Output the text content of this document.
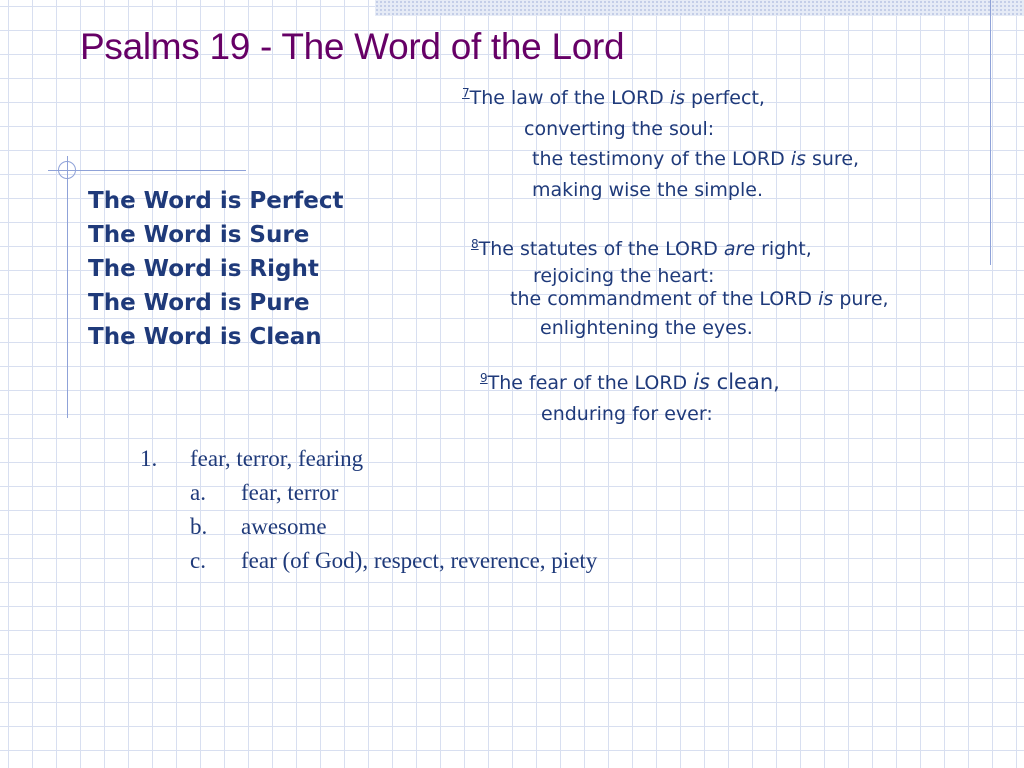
Psalms 19 - The Word of the Lord
The Word is Perfect
The Word is Sure
The Word is Right
The Word is Pure
The Word is Clean
$^7$The law of the LORD is perfect,
converting the soul:
the testimony of the LORD is sure,
making wise the simple.
$^8$The statutes of the LORD are right,
rejoicing the heart:
the commandment of the LORD is pure,
enlightening the eyes.
$^9$The fear of the LORD is clean,
enduring for ever:
1. fear, terror, fearing
a. fear, terror
b. awesome
c. fear (of God), respect, reverence, piety
